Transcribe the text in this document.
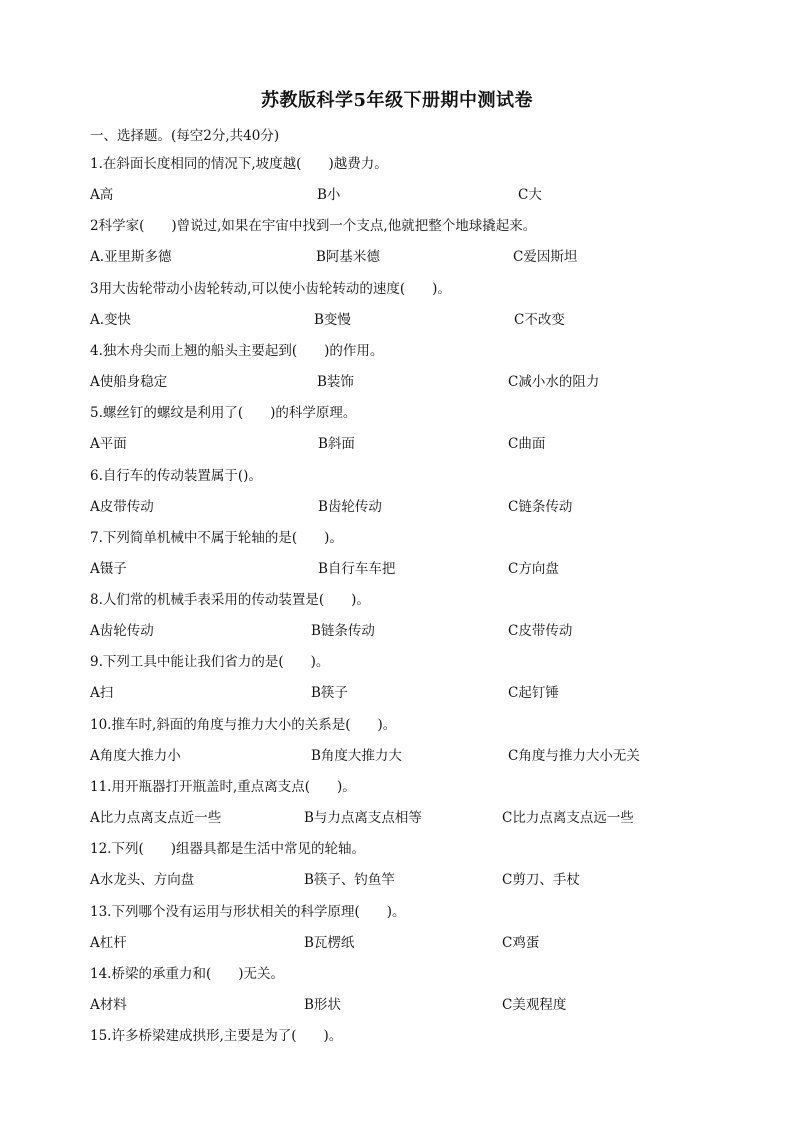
苏教版科学5年级下册期中测试卷
一、选择题。(每空2分,共40分)
1.在斜面长度相同的情况下,坡度越(　　)越费力。
A高	B小	C大
2科学家(　　)曾说过,如果在宇宙中找到一个支点,他就把整个地球撬起来。
A.亚里斯多德	B阿基米德	C爱因斯坦
3用大齿轮带动小齿轮转动,可以使小齿轮转动的速度(　　)。
A.变快	B变慢	C不改变
4.独木舟尖而上翘的船头主要起到(　　)的作用。
A使船身稳定	B装饰	C减小水的阻力
5.螺丝钉的螺纹是利用了(　　)的科学原理。
A平面	B斜面	C曲面
6.自行车的传动装置属于()。
A皮带传动	B齿轮传动	C链条传动
7.下列简单机械中不属于轮轴的是(　　)。
A镊子	B自行车车把	C方向盘
8.人们常的机械手表采用的传动装置是(　　)。
A齿轮传动	B链条传动	C皮带传动
9.下列工具中能让我们省力的是(　　)。
A扫	B筷子	C起钉锤
10.推车时,斜面的角度与推力大小的关系是(　　)。
A角度大推力小	B角度大推力大	C角度与推力大小无关
11.用开瓶器打开瓶盖时,重点离支点(　　)。
A比力点离支点近一些	B与力点离支点相等	C比力点离支点远一些
12.下列(　　)组器具都是生活中常见的轮轴。
A水龙头、方向盘	B筷子、钓鱼竿	C剪刀、手杖
13.下列哪个没有运用与形状相关的科学原理(　　)。
A杠杆	B瓦楞纸	C鸡蛋
14.桥梁的承重力和(　　)无关。
A材料	B形状	C美观程度
15.许多桥梁建成拱形,主要是为了(　　)。
